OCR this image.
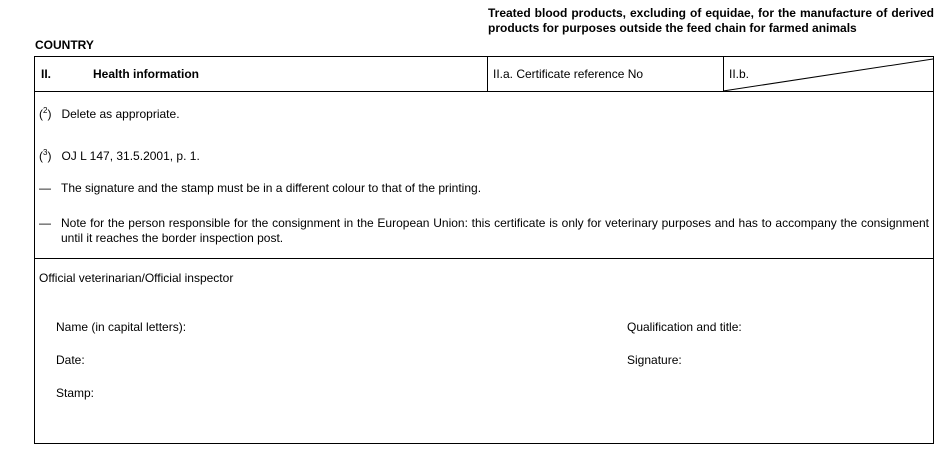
COUNTRY
Treated blood products, excluding of equidae, for the manufacture of derived products for purposes outside the feed chain for farmed animals
II.	Health information	II.a. Certificate reference No	II.b.
($^2$)   Delete as appropriate.
($^3$)   OJ L 147, 31.5.2001, p. 1.
— The signature and the stamp must be in a different colour to that of the printing.
— Note for the person responsible for the consignment in the European Union: this certificate is only for veterinary purposes and has to accompany the consignment until it reaches the border inspection post.
Official veterinarian/Official inspector
Name (in capital letters):	Qualification and title:
Date:	Signature:
Stamp:
